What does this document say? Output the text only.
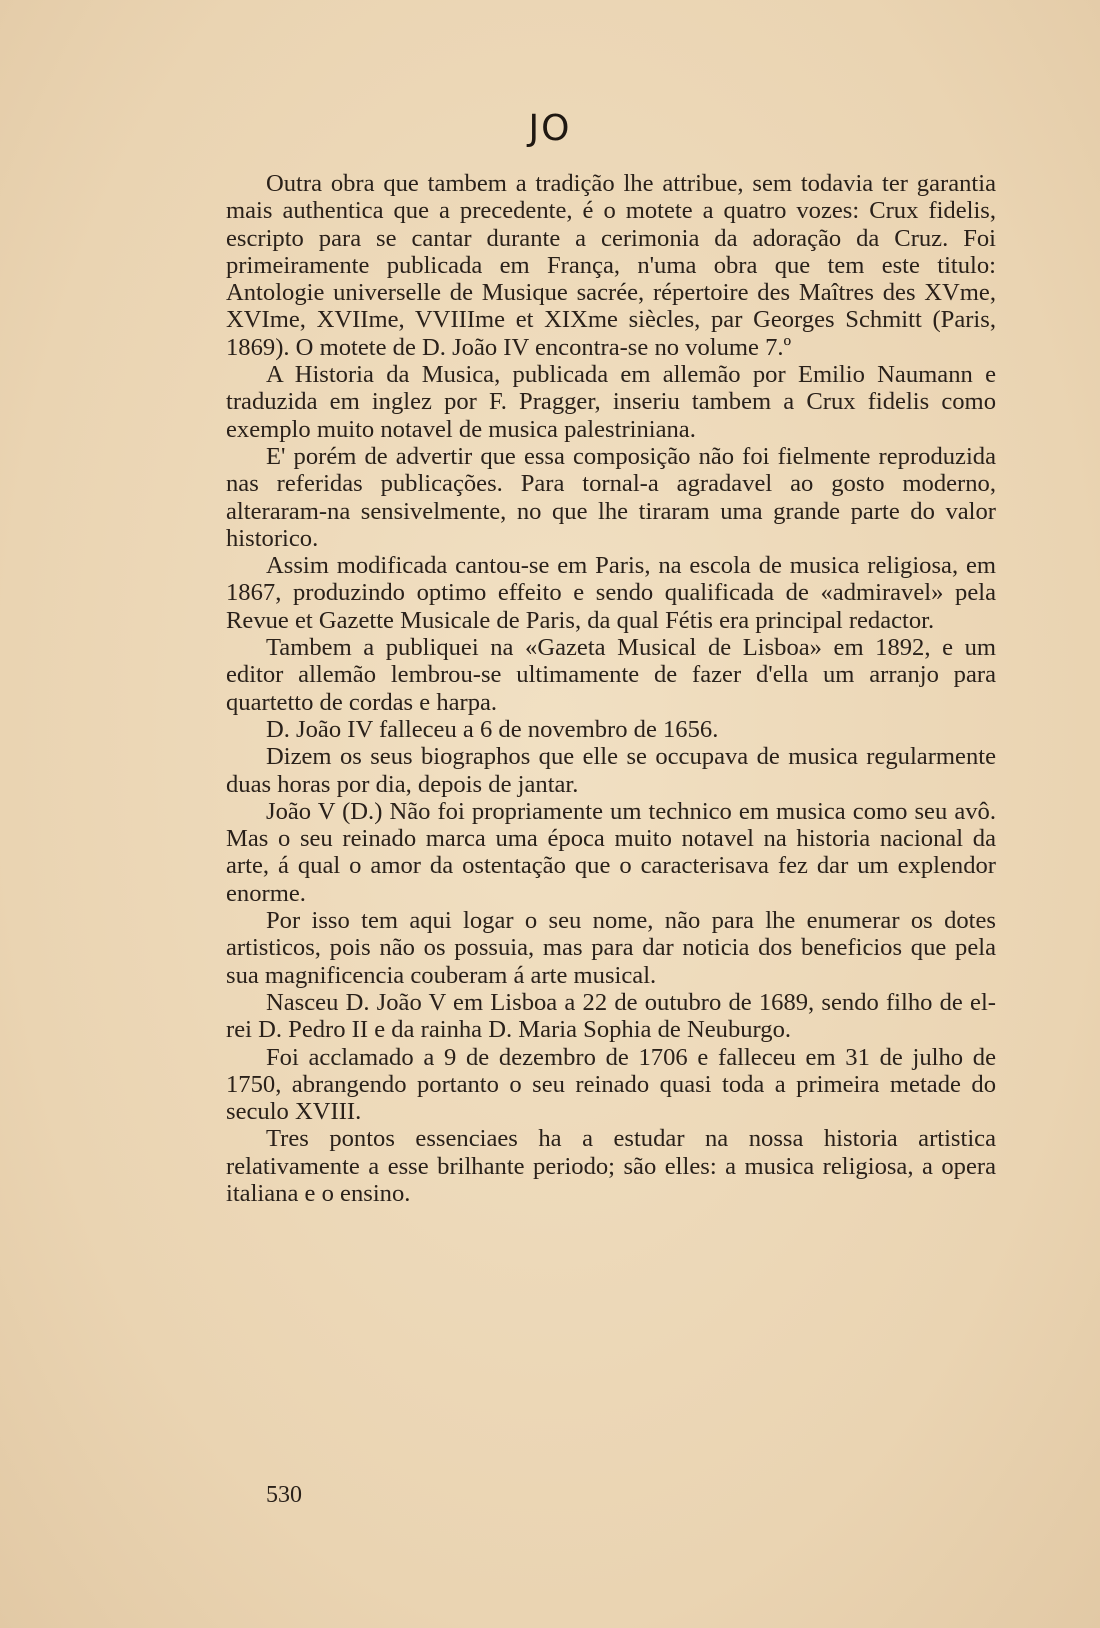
JO

Outra obra que tambem a tradição lhe attribue, sem todavia ter garantia mais authentica que a precedente, é o motete a quatro vozes: Crux fidelis, escripto para se cantar durante a cerimonia da adoração da Cruz. Foi primeiramente publicada em França, n'uma obra que tem este titulo: Antologie universelle de Musique sacrée, répertoire des Maîtres des XVme, XVIme, XVIIme, VVIIIme et XIXme siècles, par Georges Schmitt (Paris, 1869). O motete de D. João IV encontra-se no volume 7.º

A Historia da Musica, publicada em allemão por Emilio Naumann e traduzida em inglez por F. Pragger, inseriu tambem a Crux fidelis como exemplo muito notavel de musica palestriniana.

E' porém de advertir que essa composição não foi fielmente reproduzida nas referidas publicações. Para tornal-a agradavel ao gosto moderno, alteraram-na sensivelmente, no que lhe tiraram uma grande parte do valor historico.

Assim modificada cantou-se em Paris, na escola de musica religiosa, em 1867, produzindo optimo effeito e sendo qualificada de «admiravel» pela Revue et Gazette Musicale de Paris, da qual Fétis era principal redactor.

Tambem a publiquei na «Gazeta Musical de Lisboa» em 1892, e um editor allemão lembrou-se ultimamente de fazer d'ella um arranjo para quartetto de cordas e harpa.

D. João IV falleceu a 6 de novembro de 1656.

Dizem os seus biographos que elle se occupava de musica regularmente duas horas por dia, depois de jantar.

João V (D.) Não foi propriamente um technico em musica como seu avô. Mas o seu reinado marca uma época muito notavel na historia nacional da arte, á qual o amor da ostentação que o caracterisava fez dar um explendor enorme.

Por isso tem aqui logar o seu nome, não para lhe enumerar os dotes artisticos, pois não os possuia, mas para dar noticia dos beneficios que pela sua magnificencia couberam á arte musical.

Nasceu D. João V em Lisboa a 22 de outubro de 1689, sendo filho de el-rei D. Pedro II e da rainha D. Maria Sophia de Neuburgo.

Foi acclamado a 9 de dezembro de 1706 e falleceu em 31 de julho de 1750, abrangendo portanto o seu reinado quasi toda a primeira metade do seculo XVIII.

Tres pontos essenciaes ha a estudar na nossa historia artistica relativamente a esse brilhante periodo; são elles: a musica religiosa, a opera italiana e o ensino.

530
